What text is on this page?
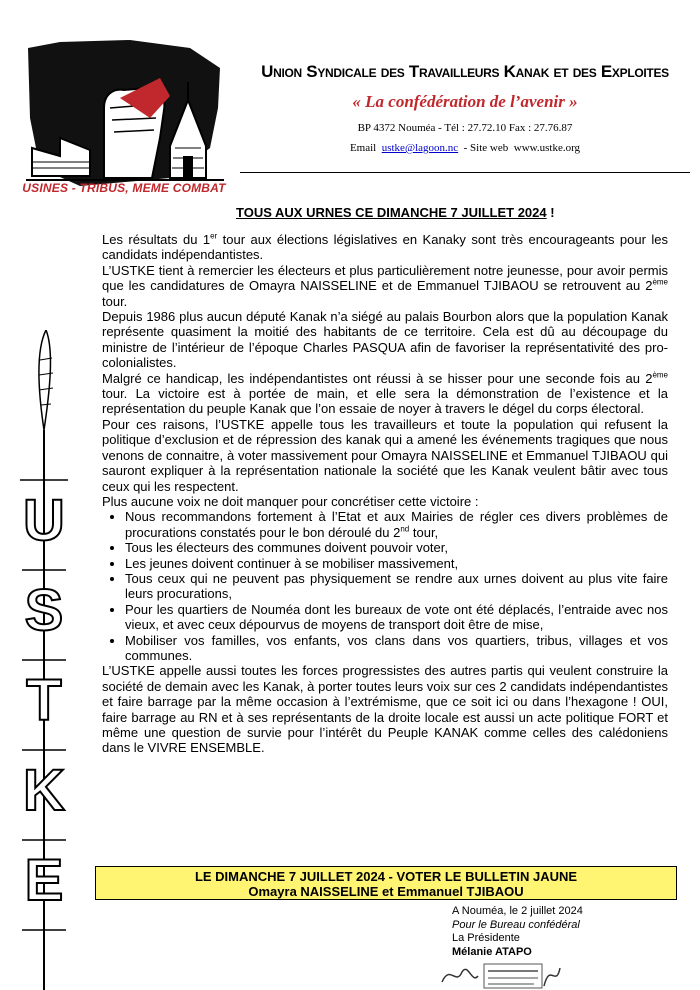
USINES - TRIBUS, MEME COMBAT
Union Syndicale des Travailleurs Kanak et des Exploites
« La confédération de l’avenir »
BP 4372 Nouméa - Tél : 27.72.10 Fax : 27.76.87
Email ustke@lagoon.nc - Site web www.ustke.org
TOUS AUX URNES CE DIMANCHE 7 JUILLET 2024 !

Les résultats du 1er tour aux élections législatives en Kanaky sont très encourageants pour les candidats indépendantistes.

L’USTKE tient à remercier les électeurs et plus particulièrement notre jeunesse, pour avoir permis que les candidatures de Omayra NAISSELINE et de Emmanuel TJIBAOU se retrouvent au 2ème tour.

Depuis 1986 plus aucun député Kanak n’a siégé au palais Bourbon alors que la population Kanak représente quasiment la moitié des habitants de ce territoire. Cela est dû au découpage du ministre de l’intérieur de l’époque Charles PASQUA afin de favoriser la représentativité des pro-colonialistes.

Malgré ce handicap, les indépendantistes ont réussi à se hisser pour une seconde fois au 2ème tour. La victoire est à portée de main, et elle sera la démonstration de l’existence et la représentation du peuple Kanak que l’on essaie de noyer à travers le dégel du corps électoral.

Pour ces raisons, l’USTKE appelle tous les travailleurs et toute la population qui refusent la politique d’exclusion et de répression des kanak qui a amené les événements tragiques que nous venons de connaitre, à voter massivement pour Omayra NAISSELINE et Emmanuel TJIBAOU qui sauront expliquer à la représentation nationale la société que les Kanak veulent bâtir avec tous ceux qui les respectent.

Plus aucune voix ne doit manquer pour concrétiser cette victoire :

• Nous recommandons fortement à l’Etat et aux Mairies de régler ces divers problèmes de procurations constatés pour le bon déroulé du 2nd tour,
• Tous les électeurs des communes doivent pouvoir voter,
• Les jeunes doivent continuer à se mobiliser massivement,
• Tous ceux qui ne peuvent pas physiquement se rendre aux urnes doivent au plus vite faire leurs procurations,
• Pour les quartiers de Nouméa dont les bureaux de vote ont été déplacés, l’entraide avec nos vieux, et avec ceux dépourvus de moyens de transport doit être de mise,
• Mobiliser vos familles, vos enfants, vos clans dans vos quartiers, tribus, villages et vos communes.

L’USTKE appelle aussi toutes les forces progressistes des autres partis qui veulent construire la société de demain avec les Kanak, à porter toutes leurs voix sur ces 2 candidats indépendantistes et faire barrage par la même occasion à l’extrémisme, que ce soit ici ou dans l’hexagone ! OUI, faire barrage au RN et à ses représentants de la droite locale est aussi un acte politique FORT et même une question de survie pour l’intérêt du Peuple KANAK comme celles des calédoniens dans le VIVRE ENSEMBLE.

LE DIMANCHE 7 JUILLET 2024 - VOTER LE BULLETIN JAUNE
Omayra NAISSELINE et Emmanuel TJIBAOU
A Nouméa, le 2 juillet 2024
Pour le Bureau confédéral
La Présidente
Mélanie ATAPO
U
S
T
K
E
